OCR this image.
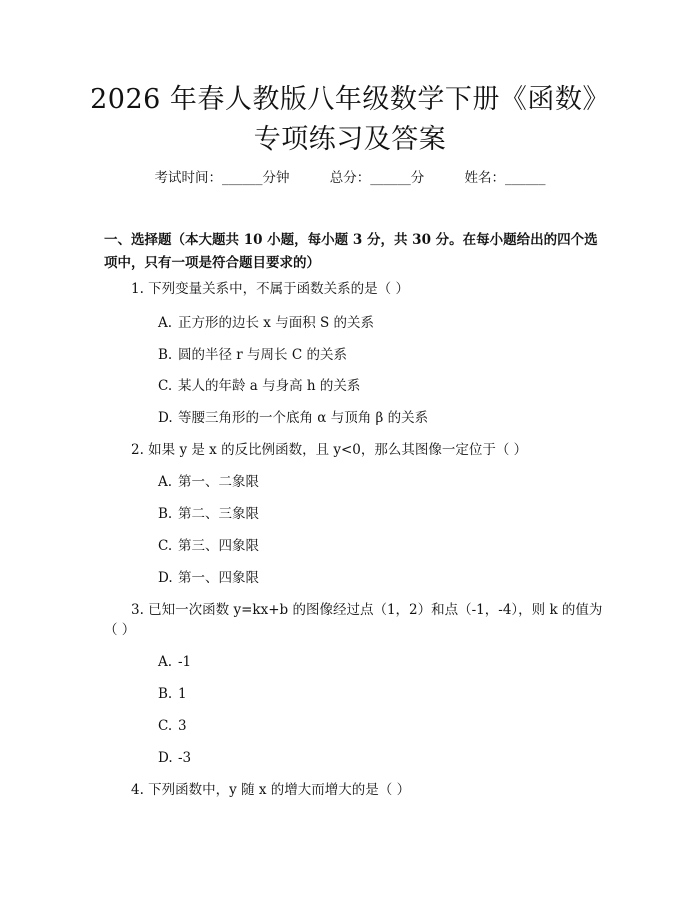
2026 年春人教版八年级数学下册《函数》专项练习及答案
考试时间：______分钟	总分：______分	姓名：______
一、选择题（本大题共 10 小题，每小题 3 分，共 30 分。在每小题给出的四个选项中，只有一项是符合题目要求的）
1. 下列变量关系中，不属于函数关系的是（ ）
A. 正方形的边长 x 与面积 S 的关系
B. 圆的半径 r 与周长 C 的关系
C. 某人的年龄 a 与身高 h 的关系
D. 等腰三角形的一个底角 α 与顶角 β 的关系
2. 如果 y 是 x 的反比例函数，且 y<0，那么其图像一定位于（ ）
A. 第一、二象限
B. 第二、三象限
C. 第三、四象限
D. 第一、四象限
3. 已知一次函数 y=kx+b 的图像经过点（1，2）和点（-1，-4），则 k 的值为（ ）
A. -1
B. 1
C. 3
D. -3
4. 下列函数中，y 随 x 的增大而增大的是（ ）
